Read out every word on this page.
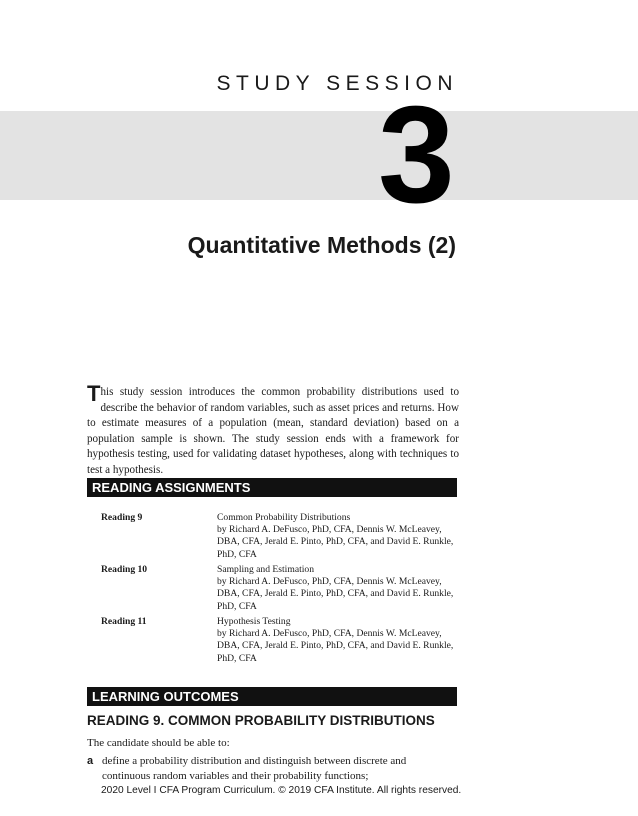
STUDY SESSION
3
Quantitative Methods (2)
This study session introduces the common probability distributions used to describe the behavior of random variables, such as asset prices and returns. How to estimate measures of a population (mean, standard deviation) based on a population sample is shown. The study session ends with a framework for hypothesis testing, used for validating dataset hypotheses, along with techniques to test a hypothesis.
READING ASSIGNMENTS
Reading 9	Common Probability Distributions
by Richard A. DeFusco, PhD, CFA, Dennis W. McLeavey, DBA, CFA, Jerald E. Pinto, PhD, CFA, and David E. Runkle, PhD, CFA
Reading 10	Sampling and Estimation
by Richard A. DeFusco, PhD, CFA, Dennis W. McLeavey, DBA, CFA, Jerald E. Pinto, PhD, CFA, and David E. Runkle, PhD, CFA
Reading 11	Hypothesis Testing
by Richard A. DeFusco, PhD, CFA, Dennis W. McLeavey, DBA, CFA, Jerald E. Pinto, PhD, CFA, and David E. Runkle, PhD, CFA
LEARNING OUTCOMES
READING 9. COMMON PROBABILITY DISTRIBUTIONS
The candidate should be able to:
a define a probability distribution and distinguish between discrete and continuous random variables and their probability functions;
2020 Level I CFA Program Curriculum. © 2019 CFA Institute. All rights reserved.
